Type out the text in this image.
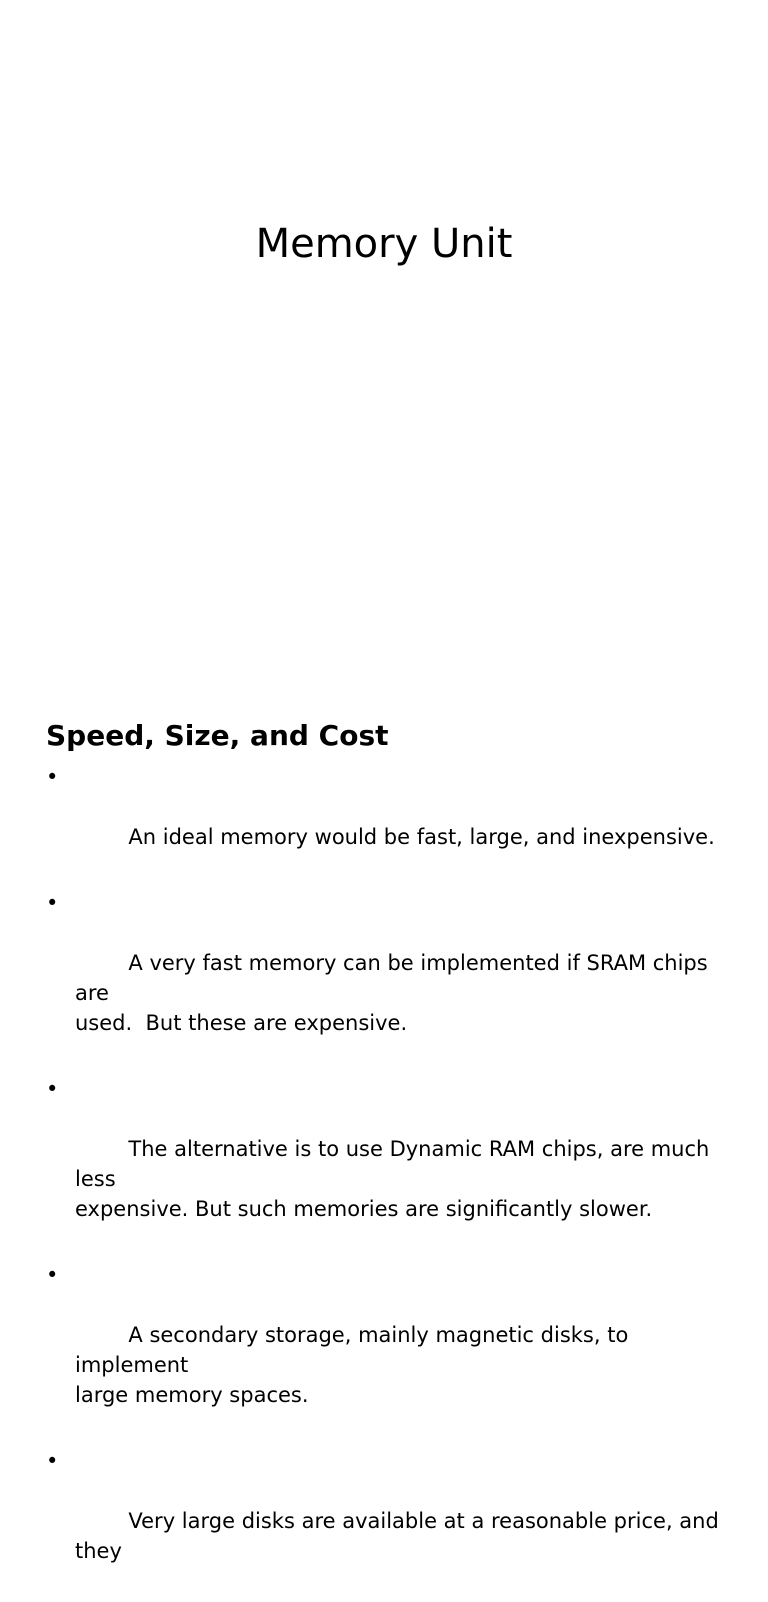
Memory Unit
Speed, Size, and Cost

•

An ideal memory would be fast, large, and inexpensive.

•

A very fast memory can be implemented if SRAM chips are
used.  But these are expensive.

•

The alternative is to use Dynamic RAM chips, are much less
expensive. But such memories are significantly slower.

•

A secondary storage, mainly magnetic disks, to implement
large memory spaces.

•

Very large disks are available at a reasonable price, and they
